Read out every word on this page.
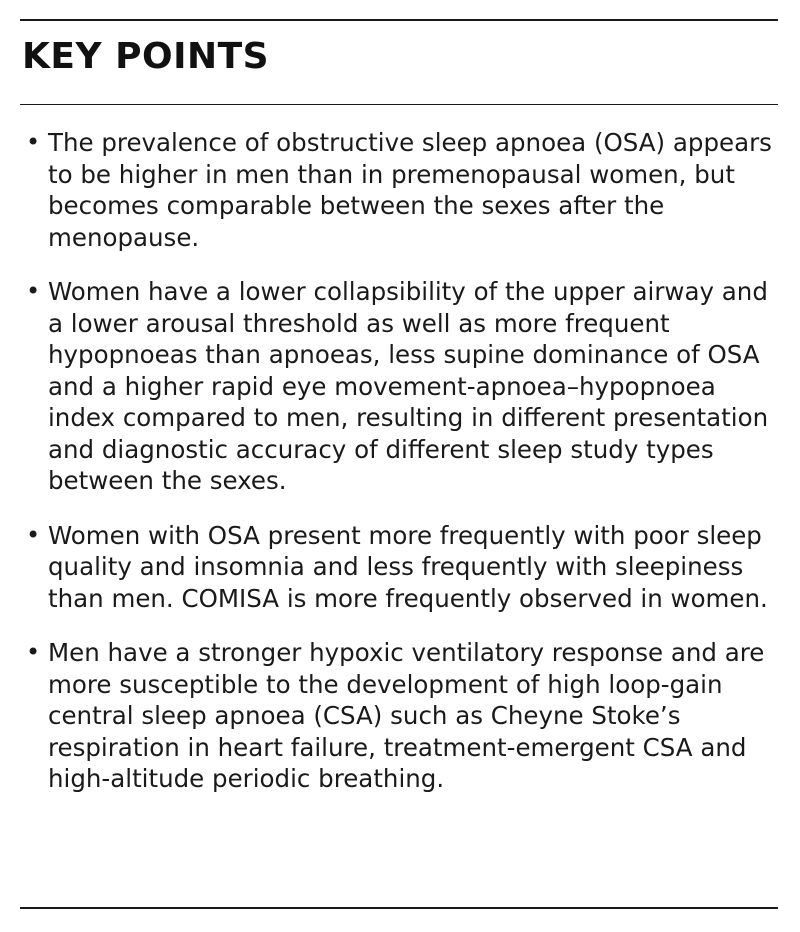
KEY POINTS
• The prevalence of obstructive sleep apnoea (OSA) appears to be higher in men than in premenopausal women, but becomes comparable between the sexes after the menopause.
• Women have a lower collapsibility of the upper airway and a lower arousal threshold as well as more frequent hypopnoeas than apnoeas, less supine dominance of OSA and a higher rapid eye movement-apnoea–hypopnoea index compared to men, resulting in different presentation and diagnostic accuracy of different sleep study types between the sexes.
• Women with OSA present more frequently with poor sleep quality and insomnia and less frequently with sleepiness than men. COMISA is more frequently observed in women.
• Men have a stronger hypoxic ventilatory response and are more susceptible to the development of high loop-gain central sleep apnoea (CSA) such as Cheyne Stoke’s respiration in heart failure, treatment-emergent CSA and high-altitude periodic breathing.
